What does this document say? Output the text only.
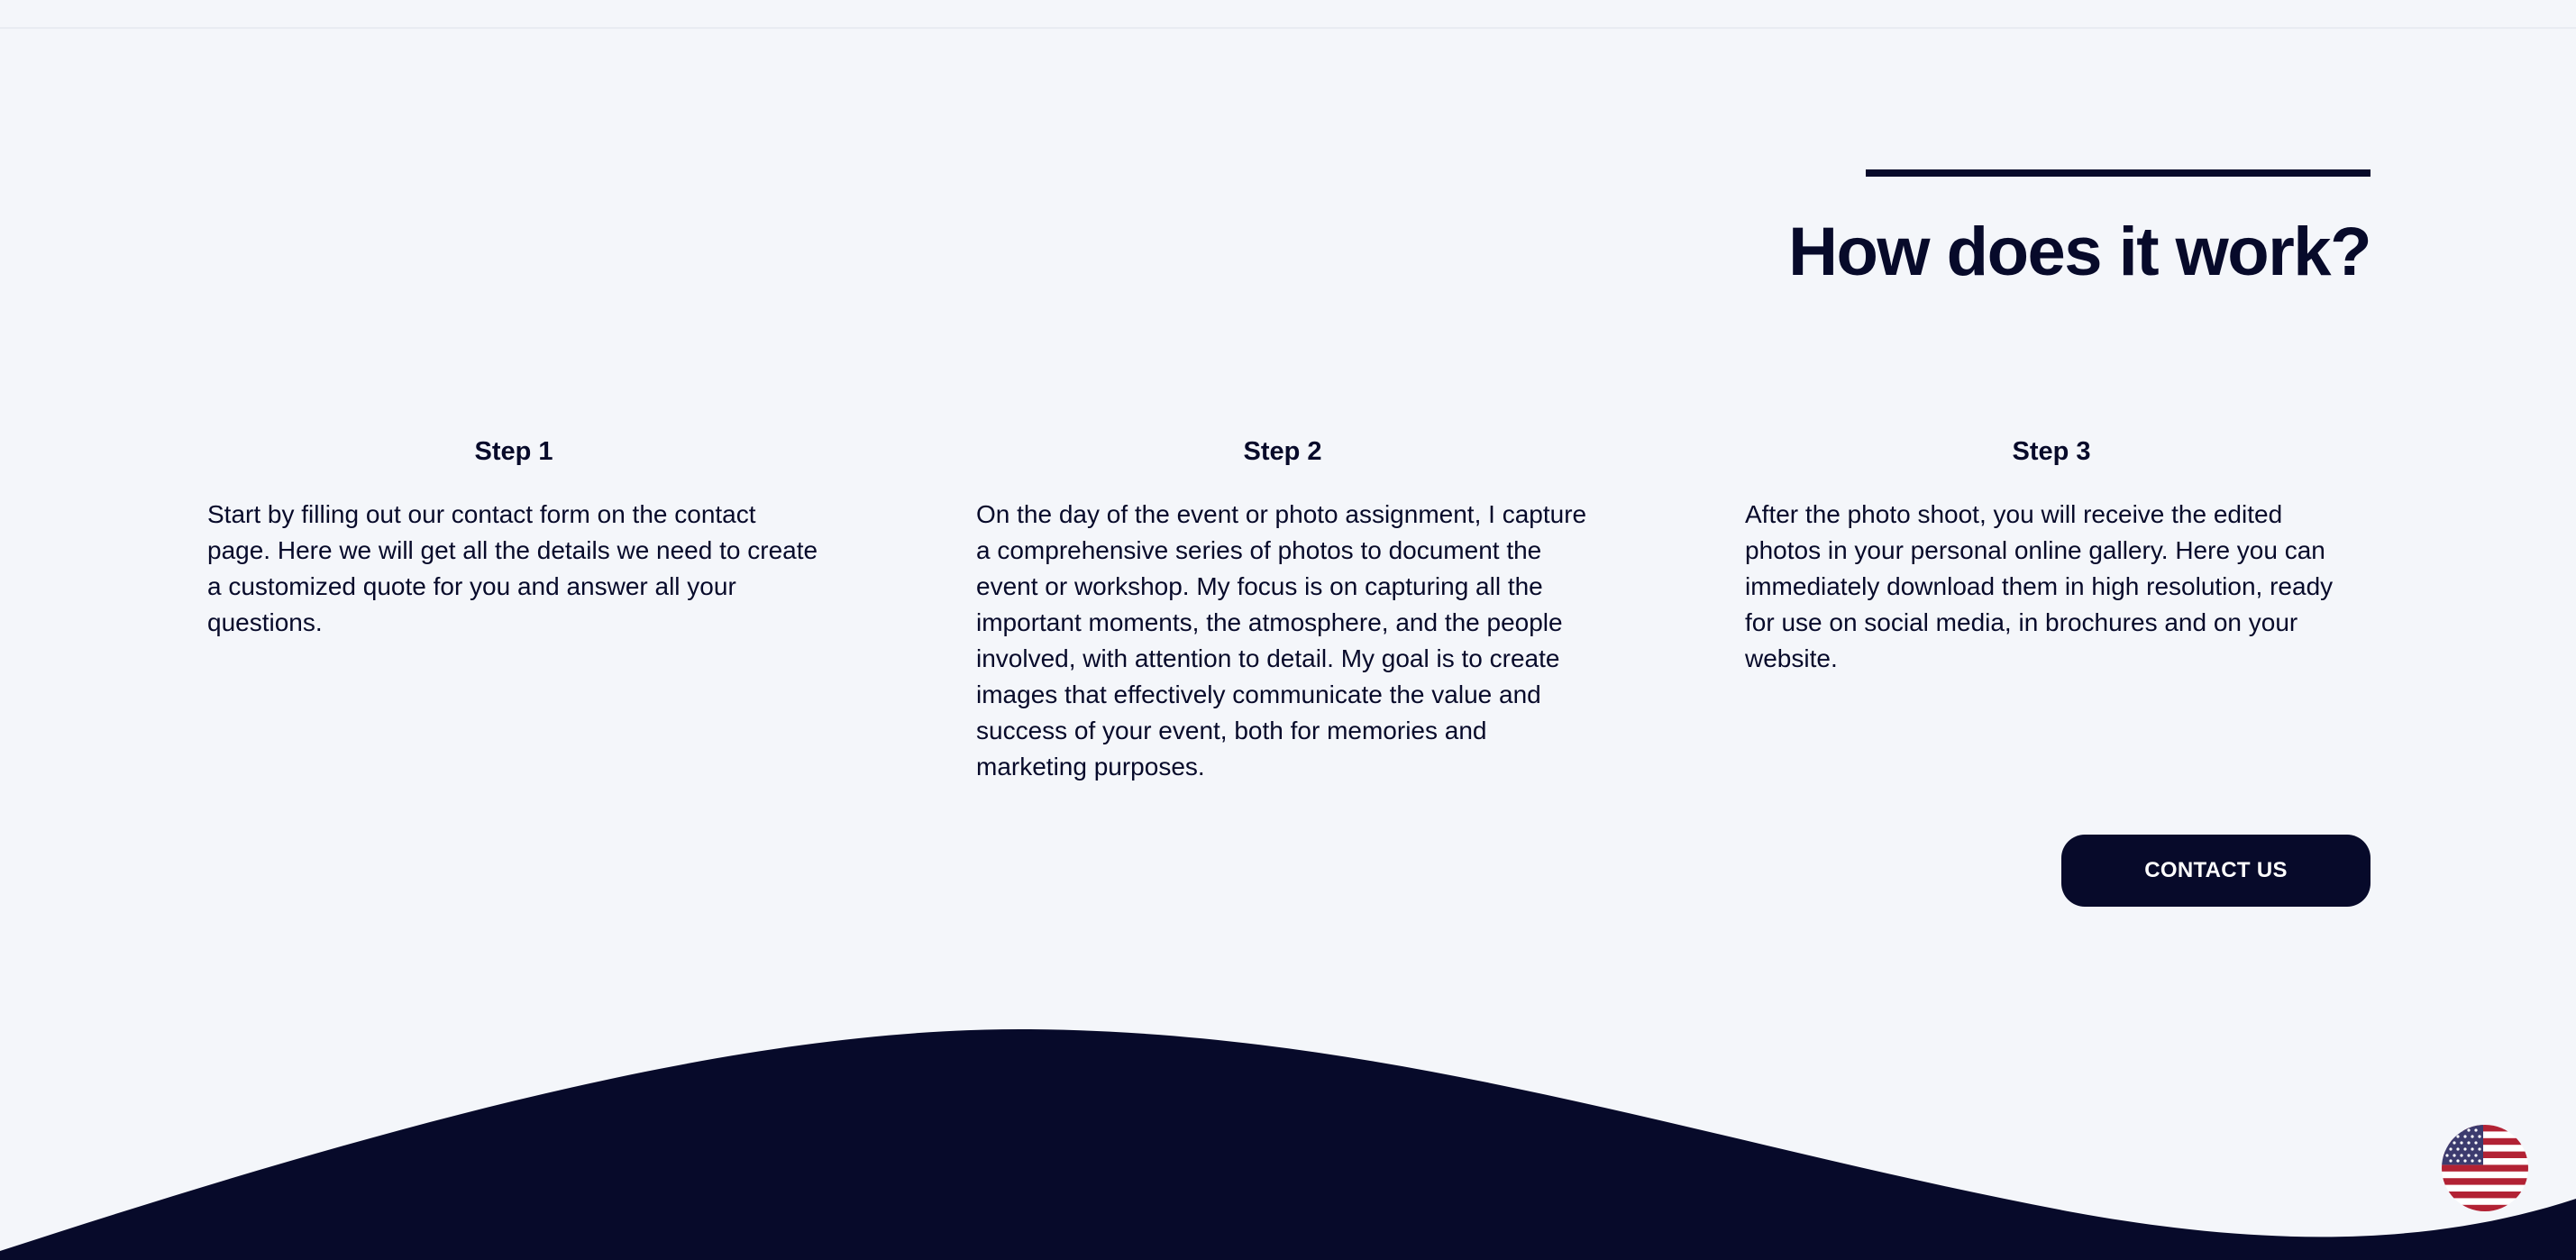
How does it work?
Step 1

Start by filling out our contact form on the contact page. Here we will get all the details we need to create a customized quote for you and answer all your questions.

Step 2

On the day of the event or photo assignment, I capture a comprehensive series of photos to document the event or workshop. My focus is on capturing all the important moments, the atmosphere, and the people involved, with attention to detail. My goal is to create images that effectively communicate the value and success of your event, both for memories and marketing purposes.

Step 3

After the photo shoot, you will receive the edited photos in your personal online gallery. Here you can immediately download them in high resolution, ready for use on social media, in brochures and on your website.

CONTACT US
